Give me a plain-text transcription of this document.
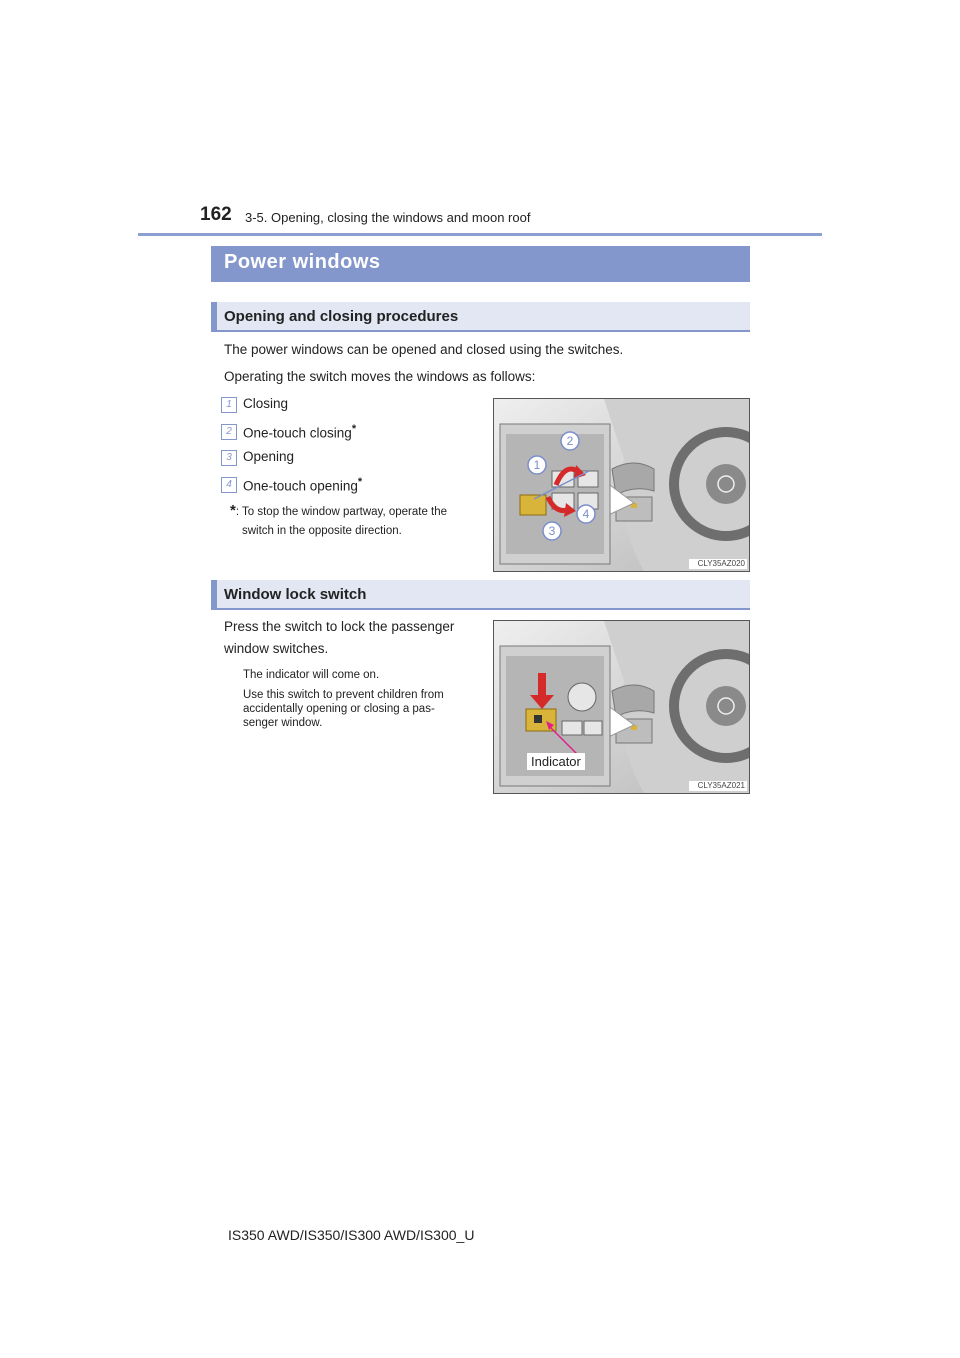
162 3-5. Opening, closing the windows and moon roof
Power windows
Opening and closing procedures
The power windows can be opened and closed using the switches.
Operating the switch moves the windows as follows:
1 Closing
2 One-touch closing*
3 Opening
4 One-touch opening*
*: To stop the window partway, operate the
switch in the opposite direction.
1
2
3
4
CLY35AZ020
Window lock switch
Press the switch to lock the passenger
window switches.
The indicator will come on.
Use this switch to prevent children from
accidentally opening or closing a pas-
senger window.
Indicator
CLY35AZ021
IS350 AWD/IS350/IS300 AWD/IS300_U
